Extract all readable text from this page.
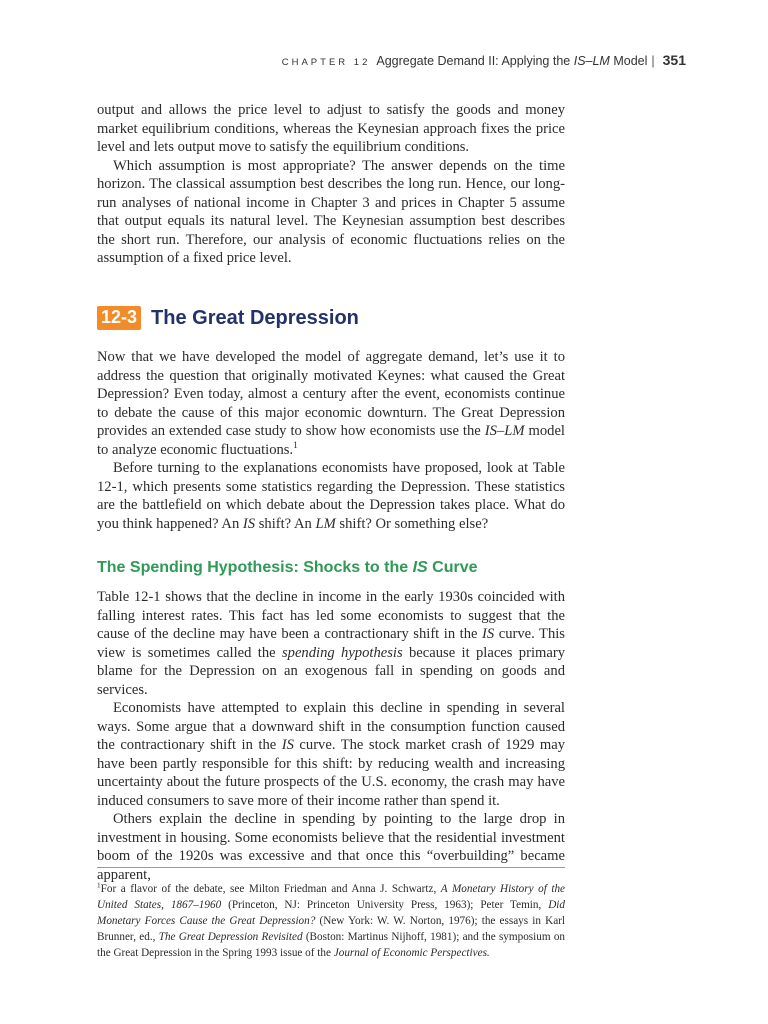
CHAPTER 12 Aggregate Demand II: Applying the IS–LM Model | 351

output and allows the price level to adjust to satisfy the goods and money market equilibrium conditions, whereas the Keynesian approach fixes the price level and lets output move to satisfy the equilibrium conditions.

Which assumption is most appropriate? The answer depends on the time horizon. The classical assumption best describes the long run. Hence, our long-run analyses of national income in Chapter 3 and prices in Chapter 5 assume that output equals its natural level. The Keynesian assumption best describes the short run. Therefore, our analysis of economic fluctuations relies on the assumption of a fixed price level.

12-3 The Great Depression

Now that we have developed the model of aggregate demand, let’s use it to address the question that originally motivated Keynes: what caused the Great Depression? Even today, almost a century after the event, economists continue to debate the cause of this major economic downturn. The Great Depression provides an extended case study to show how economists use the IS–LM model to analyze economic fluctuations.$^1$

Before turning to the explanations economists have proposed, look at Table 12-1, which presents some statistics regarding the Depression. These statistics are the battlefield on which debate about the Depression takes place. What do you think happened? An IS shift? An LM shift? Or something else?

The Spending Hypothesis: Shocks to the IS Curve

Table 12-1 shows that the decline in income in the early 1930s coincided with falling interest rates. This fact has led some economists to suggest that the cause of the decline may have been a contractionary shift in the IS curve. This view is sometimes called the spending hypothesis because it places primary blame for the Depression on an exogenous fall in spending on goods and services.

Economists have attempted to explain this decline in spending in several ways. Some argue that a downward shift in the consumption function caused the contractionary shift in the IS curve. The stock market crash of 1929 may have been partly responsible for this shift: by reducing wealth and increasing uncertainty about the future prospects of the U.S. economy, the crash may have induced consumers to save more of their income rather than spend it.

Others explain the decline in spending by pointing to the large drop in investment in housing. Some economists believe that the residential investment boom of the 1920s was excessive and that once this “overbuilding” became apparent,

$^1$For a flavor of the debate, see Milton Friedman and Anna J. Schwartz, A Monetary History of the United States, 1867–1960 (Princeton, NJ: Princeton University Press, 1963); Peter Temin, Did Monetary Forces Cause the Great Depression? (New York: W. W. Norton, 1976); the essays in Karl Brunner, ed., The Great Depression Revisited (Boston: Martinus Nijhoff, 1981); and the symposium on the Great Depression in the Spring 1993 issue of the Journal of Economic Perspectives.
